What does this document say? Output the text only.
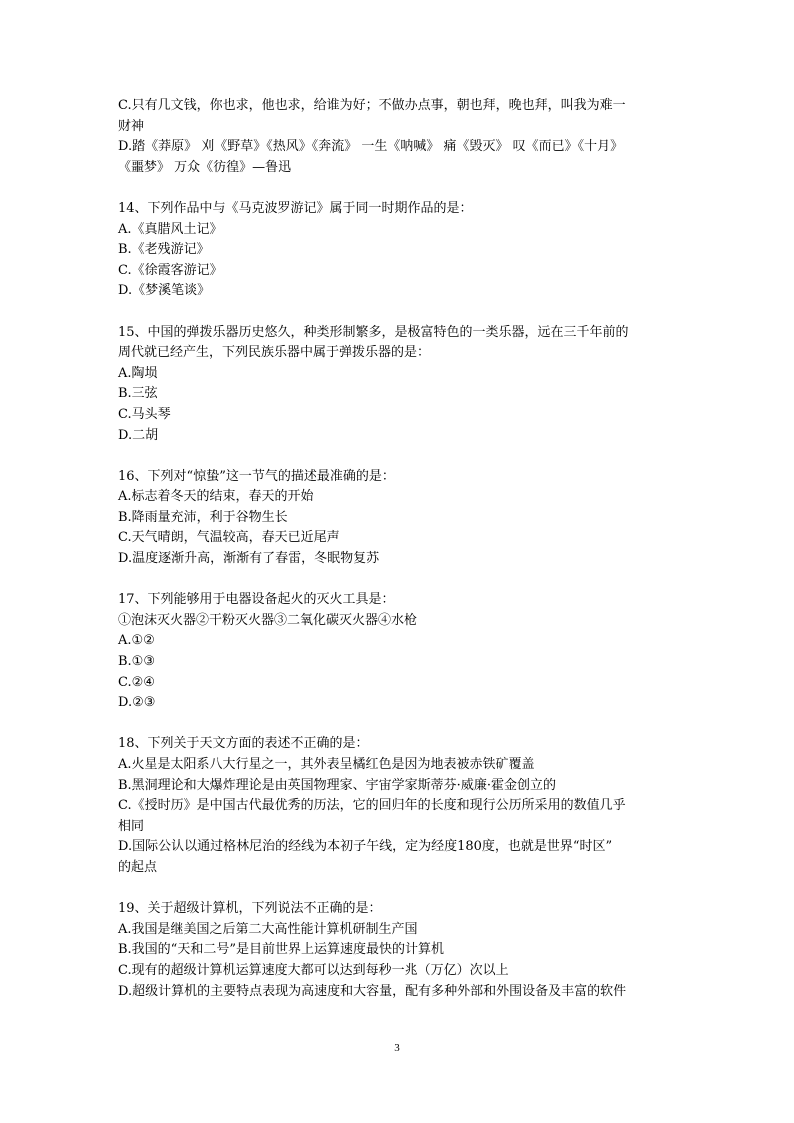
C.只有几文钱，你也求，他也求，给谁为好；不做办点事，朝也拜，晚也拜，叫我为难一
财神
D.踏《莽原》 刈《野草》《热风》《奔流》 一生《呐喊》 痛《毁灭》 叹《而已》《十月》
《噩梦》 万众《彷徨》—鲁迅
14、下列作品中与《马克波罗游记》属于同一时期作品的是：
A.《真腊风土记》
B.《老残游记》
C.《徐霞客游记》
D.《梦溪笔谈》
15、中国的弹拨乐器历史悠久，种类形制繁多，是极富特色的一类乐器，远在三千年前的
周代就已经产生，下列民族乐器中属于弹拨乐器的是：
A.陶埙
B.三弦
C.马头琴
D.二胡
16、下列对“惊蛰”这一节气的描述最准确的是：
A.标志着冬天的结束，春天的开始
B.降雨量充沛，利于谷物生长
C.天气晴朗，气温较高，春天已近尾声
D.温度逐渐升高，渐渐有了春雷，冬眠物复苏
17、下列能够用于电器设备起火的灭火工具是：
①泡沫灭火器②干粉灭火器③二氧化碳灭火器④水枪
A.①②
B.①③
C.②④
D.②③
18、下列关于天文方面的表述不正确的是：
A.火星是太阳系八大行星之一，其外表呈橘红色是因为地表被赤铁矿覆盖
B.黑洞理论和大爆炸理论是由英国物理家、宇宙学家斯蒂芬·威廉·霍金创立的
C.《授时历》是中国古代最优秀的历法，它的回归年的长度和现行公历所采用的数值几乎
相同
D.国际公认以通过格林尼治的经线为本初子午线，定为经度180度，也就是世界“时区”
的起点
19、关于超级计算机，下列说法不正确的是：
A.我国是继美国之后第二大高性能计算机研制生产国
B.我国的“天和二号”是目前世界上运算速度最快的计算机
C.现有的超级计算机运算速度大都可以达到每秒一兆（万亿）次以上
D.超级计算机的主要特点表现为高速度和大容量，配有多种外部和外围设备及丰富的软件
3
